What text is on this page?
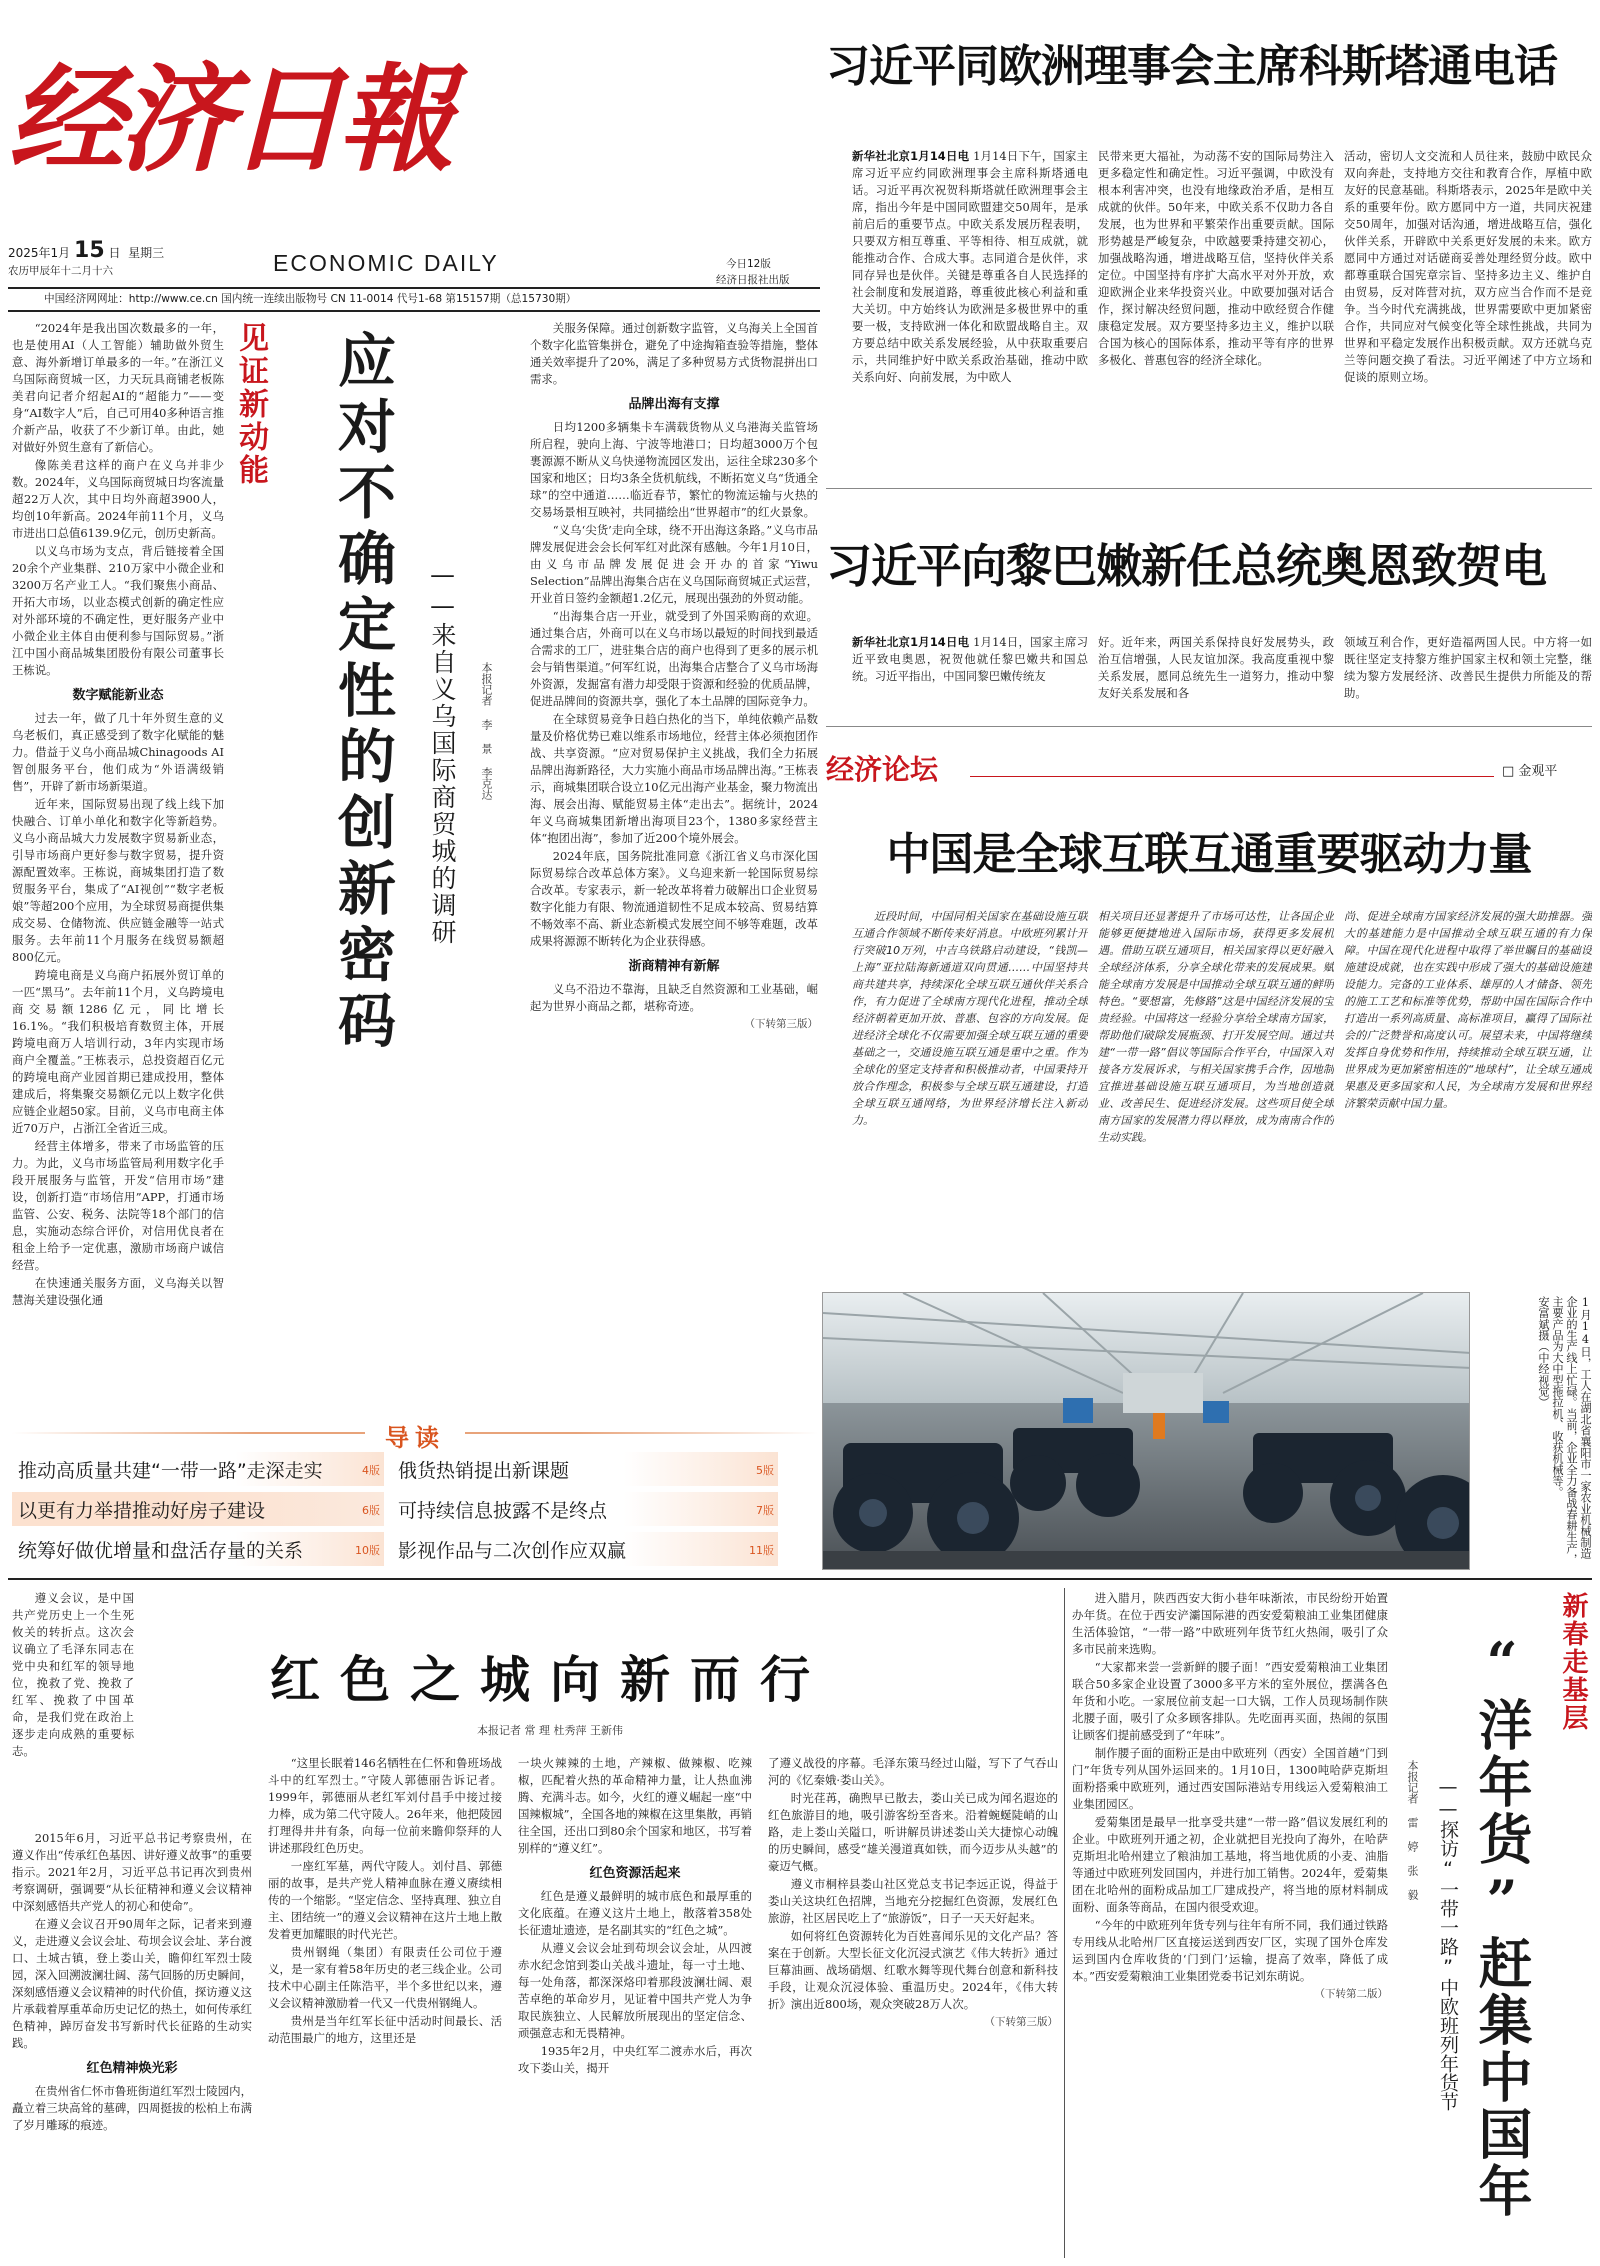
经济日報
2025年1月 15 日 星期三
农历甲辰年十二月十六	ECONOMIC DAILY	今日12版
经济日报社出版
中国经济网网址：http://www.ce.cn 国内统一连续出版物号 CN 11-0014 代号1-68 第15157期（总15730期）

“2024年是我出国次数最多的一年，也是使用AI（人工智能）辅助做外贸生意、海外新增订单最多的一年。”在浙江义乌国际商贸城一区，力天玩具商铺老板陈美君向记者介绍起AI的“超能力”——变身“AI数字人”后，自己可用40多种语言推介新产品，收获了不少新订单。由此，她对做好外贸生意有了新信心。

像陈美君这样的商户在义乌并非少数。2024年，义乌国际商贸城日均客流量超22万人次，其中日均外商超3900人，均创10年新高。2024年前11个月，义乌市进出口总值6139.9亿元，创历史新高。

以义乌市场为支点，背后链接着全国20余个产业集群、210万家中小微企业和3200万名产业工人。“我们聚焦小商品、开拓大市场，以业态模式创新的确定性应对外部环境的不确定性，更好服务产业中小微企业主体自由便利参与国际贸易。”浙江中国小商品城集团股份有限公司董事长王栋说。

数字赋能新业态

过去一年，做了几十年外贸生意的义乌老板们，真正感受到了数字化赋能的魅力。借益于义乌小商品城Chinagoods AI智创服务平台，他们成为“外语满级销售”，开辟了新市场新渠道。

近年来，国际贸易出现了线上线下加快融合、订单小单化和数字化等新趋势。义乌小商品城大力发展数字贸易新业态，引导市场商户更好参与数字贸易，提升资源配置效率。王栋说，商城集团打造了数贸服务平台，集成了“AI视创”“数字老板娘”等超200个应用，为全球贸易商提供集成交易、仓储物流、供应链金融等一站式服务。去年前11个月服务在线贸易额超800亿元。

跨境电商是义乌商户拓展外贸订单的一匹“黑马”。去年前11个月，义乌跨境电商交易额1286亿元，同比增长16.1%。“我们积极培育数贸主体，开展跨境电商万人培训行动，3年内实现市场商户全覆盖。”王栋表示，总投资超百亿元的跨境电商产业园首期已建成投用，整体建成后，将集聚交易额亿元以上数字化供应链企业超50家。目前，义乌市电商主体近70万户，占浙江全省近三成。

经营主体增多，带来了市场监管的压力。为此，义乌市场监管局利用数字化手段开展服务与监管，开发“信用市场”建设，创新打造“市场信用”APP，打通市场监管、公安、税务、法院等18个部门的信息，实施动态综合评价，对信用优良者在租金上给予一定优惠，激励市场商户诚信经营。

在快速通关服务方面，义乌海关以智慧海关建设强化通

见证新动能 应对不确定性的创新密码	——来自义乌国际商贸城的调研	本报记者 李 景 李克达

关服务保障。通过创新数字监管，义乌海关上全国首个数字化监管集拼仓，避免了中途掏箱查验等措施，整体通关效率提升了20%，满足了多种贸易方式货物混拼出口需求。

品牌出海有支撑

日均1200多辆集卡车满载货物从义乌港海关监管场所启程，驶向上海、宁波等地港口；日均超3000万个包裹源源不断从义乌快递物流园区发出，运往全球230多个国家和地区；日均3条全货机航线，不断拓宽义乌“货通全球”的空中通道……临近春节，繁忙的物流运输与火热的交易场景相互映衬，共同描绘出“世界超市”的红火景象。

“义乌‘尖货’走向全球，绕不开出海这条路。”义乌市品牌发展促进会会长何军红对此深有感触。今年1月10日，由义乌市品牌发展促进会开办的首家“Yiwu Selection”品牌出海集合店在义乌国际商贸城正式运营，开业首日签约金额超1.2亿元，展现出强劲的外贸动能。

“出海集合店一开业，就受到了外国采购商的欢迎。通过集合店，外商可以在义乌市场以最短的时间找到最适合需求的工厂，进驻集合店的商户也得到了更多的展示机会与销售渠道。”何军红说，出海集合店整合了义乌市场海外资源，发掘富有潜力却受限于资源和经验的优质品牌，促进品牌间的资源共享，强化了本土品牌的国际竞争力。

在全球贸易竞争日趋白热化的当下，单纯依赖产品数量及价格优势已难以维系市场地位，经营主体必须抱团作战、共享资源。“应对贸易保护主义挑战，我们全力拓展品牌出海新路径，大力实施小商品市场品牌出海。”王栋表示，商城集团联合设立10亿元出海产业基金，聚力物流出海、展会出海、赋能贸易主体“走出去”。据统计，2024年义乌商城集团新增出海项目23个，1380多家经营主体“抱团出海”，参加了近200个境外展会。

2024年底，国务院批准同意《浙江省义乌市深化国际贸易综合改革总体方案》。义乌迎来新一轮国际贸易综合改革。专家表示，新一轮改革将着力破解出口企业贸易数字化能力有限、物流通道韧性不足成本较高、贸易结算不畅效率不高、新业态新模式发展空间不够等难题，改革成果将源源不断转化为企业获得感。

浙商精神有新解

义乌不沿边不靠海，且缺乏自然资源和工业基础，崛起为世界小商品之都，堪称奇迹。

（下转第三版）
导读
推动高质量共建“一带一路”走深走实	4版 俄货热销提出新课题	5版
以更有力举措推动好房子建设	6版 可持续信息披露不是终点	7版
统筹好做优增量和盘活存量的关系	10版 影视作品与二次创作应双赢	11版
习近平同欧洲理事会主席科斯塔通电话

新华社北京1月14日电 1月14日下午，国家主席习近平应约同欧洲理事会主席科斯塔通电话。习近平再次祝贺科斯塔就任欧洲理事会主席，指出今年是中国同欧盟建交50周年，是承前启后的重要节点。中欧关系发展历程表明，只要双方相互尊重、平等相待、相互成就，就能推动合作、合成大事。志同道合是伙伴，求同存异也是伙伴。关键是尊重各自人民选择的社会制度和发展道路，尊重彼此核心利益和重大关切。中方始终认为欧洲是多极世界中的重要一极，支持欧洲一体化和欧盟战略自主。双方要总结中欧关系发展经验，从中获取重要启示，共同维护好中欧关系政治基础，推动中欧关系向好、向前发展，为中欧人

民带来更大福祉，为动荡不安的国际局势注入更多稳定性和确定性。习近平强调，中欧没有根本利害冲突，也没有地缘政治矛盾，是相互成就的伙伴。50年来，中欧关系不仅助力各自发展，也为世界和平繁荣作出重要贡献。国际形势越是严峻复杂，中欧越要秉持建交初心，加强战略沟通，增进战略互信，坚持伙伴关系定位。中国坚持有序扩大高水平对外开放，欢迎欧洲企业来华投资兴业。中欧要加强对话合作，探讨解决经贸问题，推动中欧经贸合作健康稳定发展。双方要坚持多边主义，维护以联合国为核心的国际体系，推动平等有序的世界多极化、普惠包容的经济全球化。

活动，密切人文交流和人员往来，鼓励中欧民众双向奔赴，支持地方交往和教育合作，厚植中欧友好的民意基础。科斯塔表示，2025年是欧中关系的重要年份。欧方愿同中方一道，共同庆祝建交50周年，加强对话沟通，增进战略互信，强化伙伴关系，开辟欧中关系更好发展的未来。欧方愿同中方通过对话磋商妥善处理经贸分歧。欧中都尊重联合国宪章宗旨、坚持多边主义、维护自由贸易，反对阵营对抗，双方应当合作而不是竞争。当今时代充满挑战，世界需要欧中更加紧密合作，共同应对气候变化等全球性挑战，共同为世界和平稳定发展作出积极贡献。双方还就乌克兰等问题交换了看法。习近平阐述了中方立场和促谈的原则立场。

习近平向黎巴嫩新任总统奥恩致贺电

新华社北京1月14日电 1月14日，国家主席习近平致电奥恩，祝贺他就任黎巴嫩共和国总统。习近平指出，中国同黎巴嫩传统友

好。近年来，两国关系保持良好发展势头，政治互信增强，人民友谊加深。我高度重视中黎关系发展，愿同总统先生一道努力，推动中黎友好关系发展和各

领域互利合作，更好造福两国人民。中方将一如既往坚定支持黎方维护国家主权和领土完整，继续为黎方发展经济、改善民生提供力所能及的帮助。

经济论坛	□ 金观平
中国是全球互联互通重要驱动力量

近段时间，中国同相关国家在基础设施互联互通合作领域不断传来好消息。中欧班列累计开行突破10万列，中吉乌铁路启动建设，“钱凯—上海”亚拉陆海新通道双向贯通……中国坚持共商共建共享，持续深化全球互联互通伙伴关系合作，有力促进了全球南方现代化进程，推动全球经济朝着更加开放、普惠、包容的方向发展。促进经济全球化不仅需要加强全球互联互通的重要基础之一，交通设施互联互通是重中之重。作为全球化的坚定支持者和积极推动者，中国秉持开放合作理念，积极参与全球互联互通建设，打造全球互联互通网络，为世界经济增长注入新动力。

相关项目还显著提升了市场可达性，让各国企业能够更便捷地进入国际市场，获得更多发展机遇。借助互联互通项目，相关国家得以更好融入全球经济体系，分享全球化带来的发展成果。赋能全球南方发展是中国推动全球互联互通的鲜明特色。“要想富，先修路”这是中国经济发展的宝贵经验。中国将这一经验分享给全球南方国家，帮助他们破除发展瓶颈、打开发展空间。通过共建“一带一路”倡议等国际合作平台，中国深入对接各方发展诉求，与相关国家携手合作，因地制宜推进基础设施互联互通项目，为当地创造就业、改善民生、促进经济发展。这些项目使全球南方国家的发展潜力得以释放，成为南南合作的生动实践。

尚、促进全球南方国家经济发展的强大助推器。强大的基建能力是中国推动全球互联互通的有力保障。中国在现代化进程中取得了举世瞩目的基础设施建设成就，也在实践中形成了强大的基础设施建设能力。完备的工业体系、雄厚的人才储备、领先的施工工艺和标准等优势，帮助中国在国际合作中打造出一系列高质量、高标准项目，赢得了国际社会的广泛赞誉和高度认可。展望未来，中国将继续发挥自身优势和作用，持续推动全球互联互通，让世界成为更加紧密相连的“地球村”，让全球互通成果惠及更多国家和人民，为全球南方发展和世界经济繁荣贡献中国力量。

1月14日，工人在湖北省襄阳市一家农业机械制造企业的生产线上忙碌。当前，企业全力备战春耕生产，主要产品为大中型拖拉机、收获机械等。
安富斌摄（中经视觉）

遵义会议，是中国共产党历史上一个生死攸关的转折点。这次会议确立了毛泽东同志在党中央和红军的领导地位，挽救了党、挽救了红军、挽救了中国革命，是我们党在政治上逐步走向成熟的重要标志。

红色之城向新而行
本报记者 常 理 杜秀萍 王新伟

2015年6月，习近平总书记考察贵州，在遵义作出“传承红色基因、讲好遵义故事”的重要指示。2021年2月，习近平总书记再次到贵州考察调研，强调要“从长征精神和遵义会议精神中深刻感悟共产党人的初心和使命”。

在遵义会议召开90周年之际，记者来到遵义，走进遵义会议会址、苟坝会议会址、茅台渡口、土城古镇，登上娄山关，瞻仰红军烈士陵园，深入回溯波澜壮阔、荡气回肠的历史瞬间，深刻感悟遵义会议精神的时代价值，探访遵义这片承载着厚重革命历史记忆的热土，如何传承红色精神，踔厉奋发书写新时代长征路的生动实践。

红色精神焕光彩

在贵州省仁怀市鲁班街道红军烈士陵园内，矗立着三块高耸的墓碑，四周挺拔的松柏上布满了岁月雕琢的痕迹。

“这里长眠着146名牺牲在仁怀和鲁班场战斗中的红军烈士。”守陵人郭德丽告诉记者。1999年，郭德丽从老红军刘付昌手中接过接力棒，成为第二代守陵人。26年来，他把陵园打理得井井有条，向每一位前来瞻仰祭拜的人讲述那段红色历史。

一座红军墓，两代守陵人。刘付昌、郭德丽的故事，是共产党人精神血脉在遵义赓续相传的一个缩影。“坚定信念、坚持真理、独立自主、团结统一”的遵义会议精神在这片土地上散发着更加耀眼的时代光芒。

贵州钢绳（集团）有限责任公司位于遵义，是一家有着58年历史的老三线企业。公司技术中心副主任陈浩平，半个多世纪以来，遵义会议精神激励着一代又一代贵州钢绳人。

贵州是当年红军长征中活动时间最长、活动范围最广的地方，这里还是

一块火辣辣的土地，产辣椒、做辣椒、吃辣椒，匹配着火热的革命精神力量，让人热血沸腾、充满斗志。如今，火红的遵义崛起一座“中国辣椒城”，全国各地的辣椒在这里集散，再销往全国，还出口到80余个国家和地区，书写着别样的“遵义红”。

红色资源活起来

红色是遵义最鲜明的城市底色和最厚重的文化底蕴。在遵义这片土地上，散落着358处长征遗址遗迹，是名副其实的“红色之城”。

从遵义会议会址到苟坝会议会址，从四渡赤水纪念馆到娄山关战斗遗址，每一寸土地、每一处角落，都深深烙印着那段波澜壮阔、艰苦卓绝的革命岁月，见证着中国共产党人为争取民族独立、人民解放所展现出的坚定信念、顽强意志和无畏精神。

1935年2月，中央红军二渡赤水后，再次攻下娄山关，揭开

了遵义战役的序幕。毛泽东策马经过山隘，写下了气吞山河的《忆秦娥·娄山关》。

时光荏苒，确煦早已散去，娄山关已成为闻名遐迩的红色旅游目的地，吸引游客纷至沓来。沿着蜿蜒陡峭的山路，走上娄山关隘口，听讲解员讲述娄山关大捷惊心动魄的历史瞬间，感受“雄关漫道真如铁，而今迈步从头越”的豪迈气概。

遵义市桐梓县娄山社区党总支书记李远正说，得益于娄山关这块红色招牌，当地充分挖掘红色资源，发展红色旅游，社区居民吃上了“旅游饭”，日子一天天好起来。

如何将红色资源转化为百姓喜闻乐见的文化产品？答案在于创新。大型长征文化沉浸式演艺《伟大转折》通过巨幕油画、战场硝烟、红歌水舞等现代舞台创意和新科技手段，让观众沉浸体验、重温历史。2024年，《伟大转折》演出近800场，观众突破28万人次。

（下转第三版）

进入腊月，陕西西安大街小巷年味渐浓，市民纷纷开始置办年货。在位于西安浐灞国际港的西安爱菊粮油工业集团健康生活体验馆，“一带一路”中欧班列年货节红火热闹，吸引了众多市民前来选购。

“大家都来尝一尝新鲜的腰子面！”西安爱菊粮油工业集团联合50多家企业设置了3000多平方米的室外展位，摆满各色年货和小吃。一家展位前支起一口大锅，工作人员现场制作陕北腰子面，吸引了众多顾客排队。先吃面再买面，热闹的氛围让顾客们提前感受到了“年味”。

制作腰子面的面粉正是由中欧班列（西安）全国首趟“门到门”年货专列从国外运回来的。1月10日，1300吨哈萨克斯坦面粉搭乘中欧班列，通过西安国际港站专用线运入爱菊粮油工业集团园区。

爱菊集团是最早一批享受共建“一带一路”倡议发展红利的企业。中欧班列开通之初，企业就把目光投向了海外，在哈萨克斯坦北哈州建立了粮油加工基地，将当地优质的小麦、油脂等通过中欧班列发回国内，并进行加工销售。2024年，爱菊集团在北哈州的面粉成品加工厂建成投产，将当地的原材料制成面粉、面条等商品，在国内很受欢迎。

“今年的中欧班列年货专列与往年有所不同，我们通过铁路专用线从北哈州厂区直接运送到西安厂区，实现了国外仓库发运到国内仓库收货的‘门到门’运输，提高了效率，降低了成本。”西安爱菊粮油工业集团党委书记刘东萌说。

（下转第二版）
新春走基层
“洋年货”赶集中国年
——探访“一带一路”中欧班列年货节
本报记者 雷 婷 张 毅
